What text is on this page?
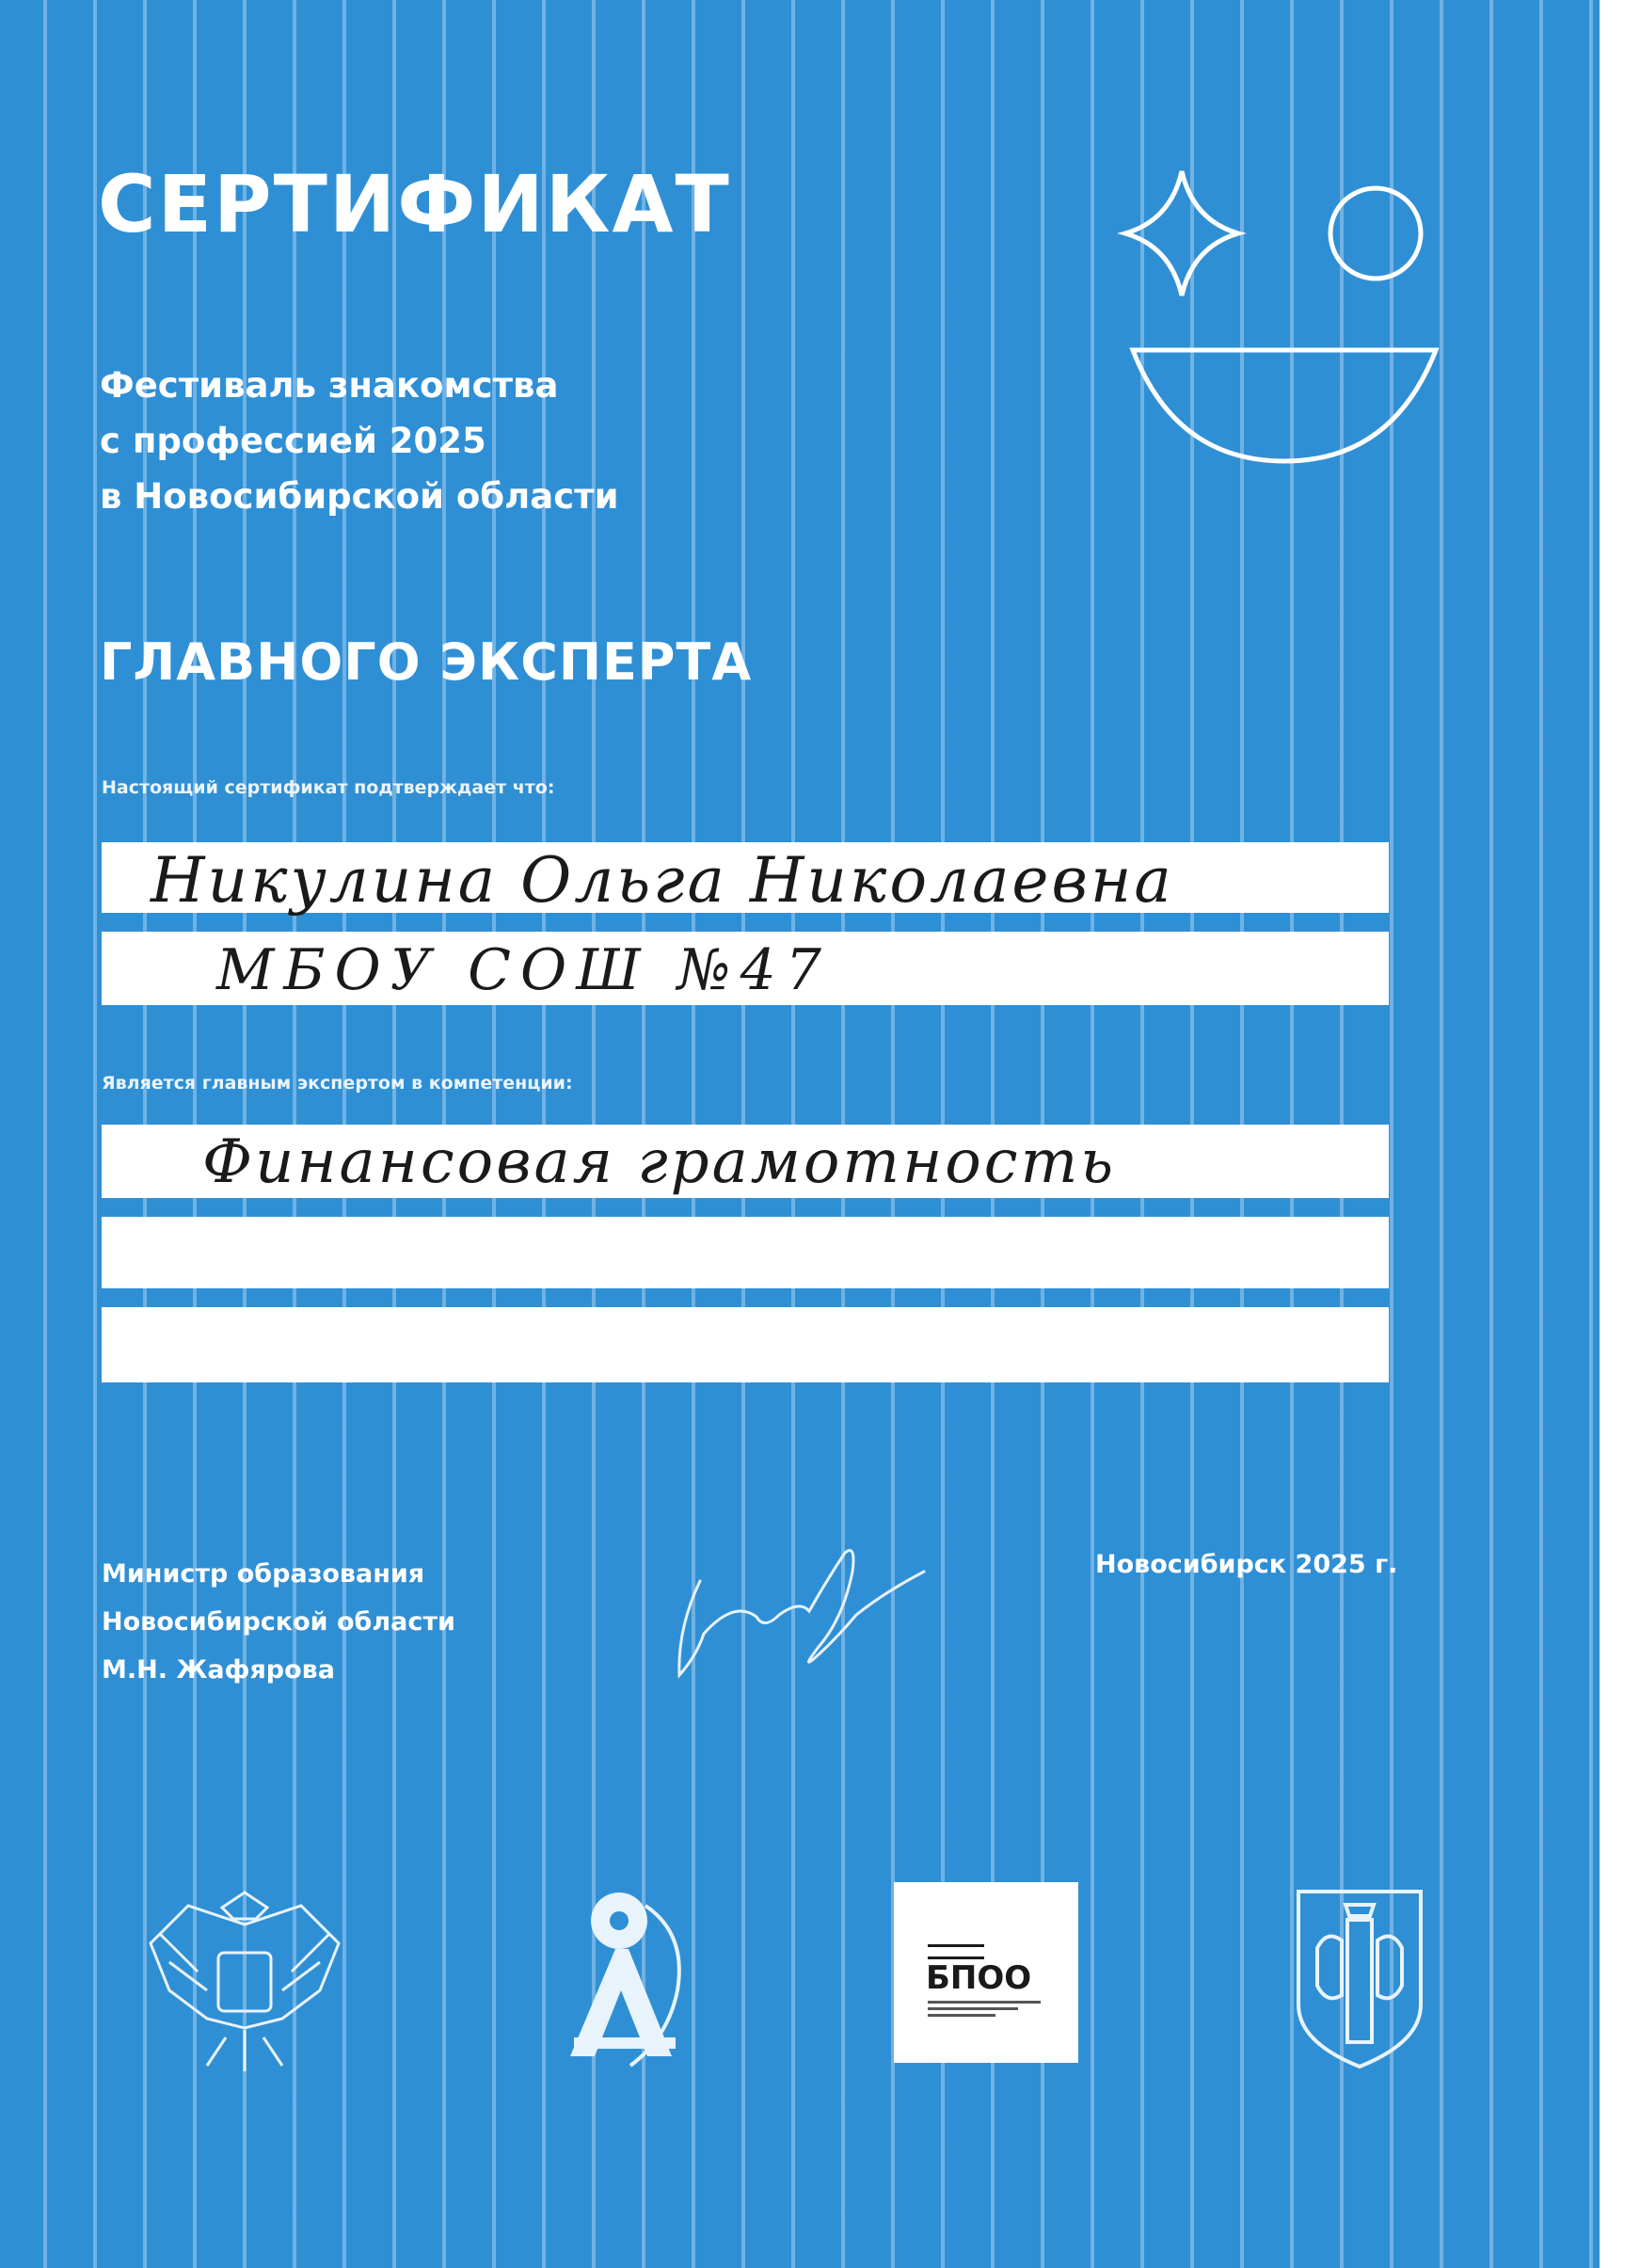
СЕРТИФИКАТ
Фестиваль знакомства
с профессией 2025
в Новосибирской области
ГЛАВНОГО ЭКСПЕРТА
Настоящий сертификат подтверждает что:
Никулина Ольга Николаевна
МБОУ СОШ №47
Является главным экспертом в компетенции:
Финансовая грамотность
Министр образования
Новосибирской области
М.Н. Жафярова
Новосибирск 2025 г.
БПОО
